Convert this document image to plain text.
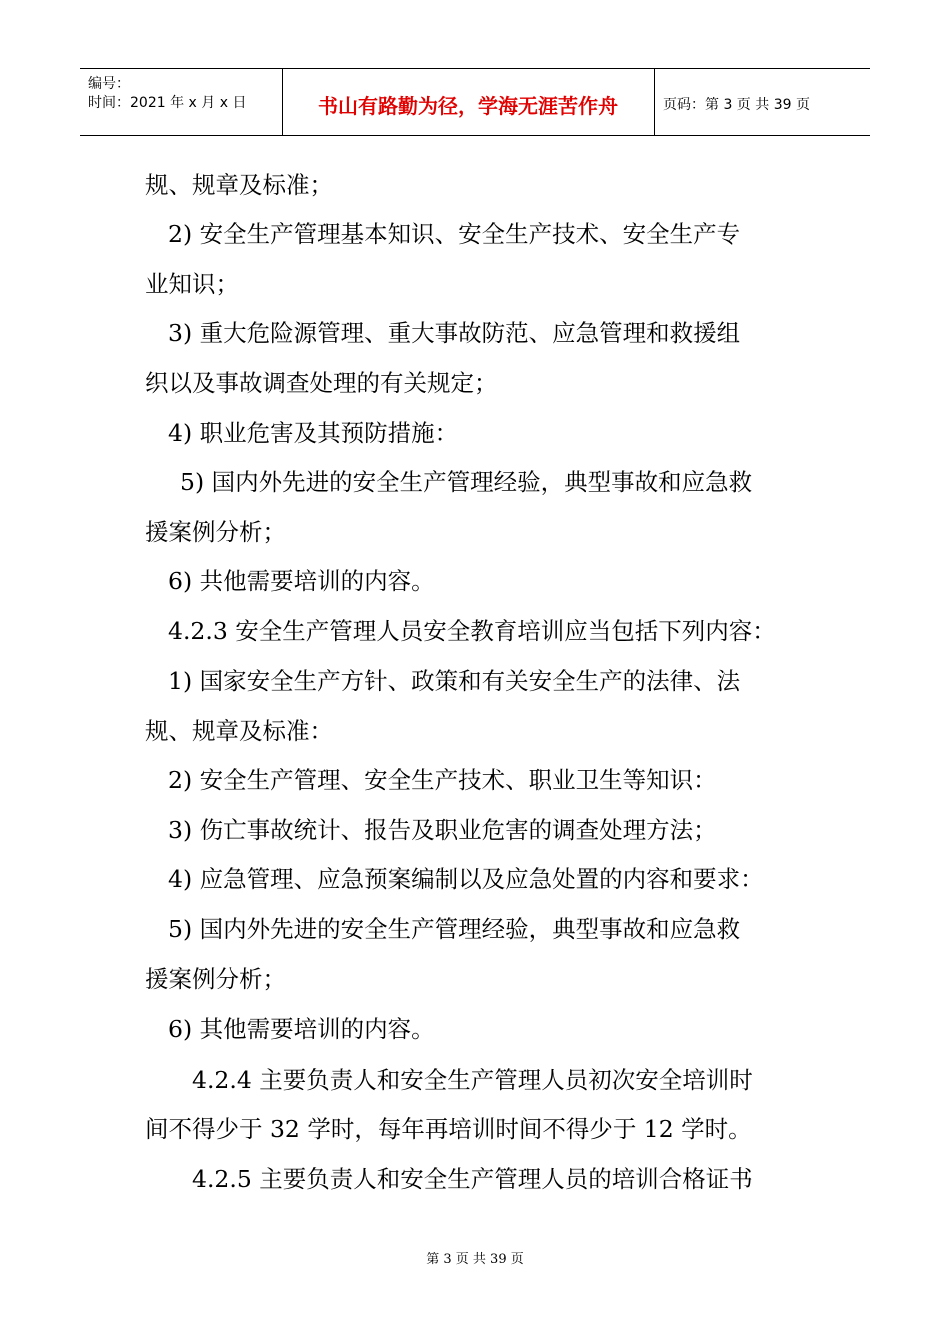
编号：
时间：2021 年 x 月 x 日	书山有路勤为径，学海无涯苦作舟	页码：第 3 页 共 39 页
规、规章及标准；
2) 安全生产管理基本知识、安全生产技术、安全生产专
业知识；
3) 重大危险源管理、重大事故防范、应急管理和救援组
织以及事故调查处理的有关规定；
4) 职业危害及其预防措施：
5) 国内外先进的安全生产管理经验，典型事故和应急救
援案例分析；
6) 共他需要培训的内容。
4.2.3 安全生产管理人员安全教育培训应当包括下列内容：
1) 国家安全生产方针、政策和有关安全生产的法律、法
规、规章及标准：
2) 安全生产管理、安全生产技术、职业卫生等知识：
3) 伤亡事故统计、报告及职业危害的调查处理方法；
4) 应急管理、应急预案编制以及应急处置的内容和要求：
5) 国内外先进的安全生产管理经验，典型事故和应急救
援案例分析；
6) 其他需要培训的内容。
4.2.4 主要负责人和安全生产管理人员初次安全培训时
间不得少于 32 学时，每年再培训时间不得少于 12 学时。
4.2.5 主要负责人和安全生产管理人员的培训合格证书
第 3 页 共 39 页
